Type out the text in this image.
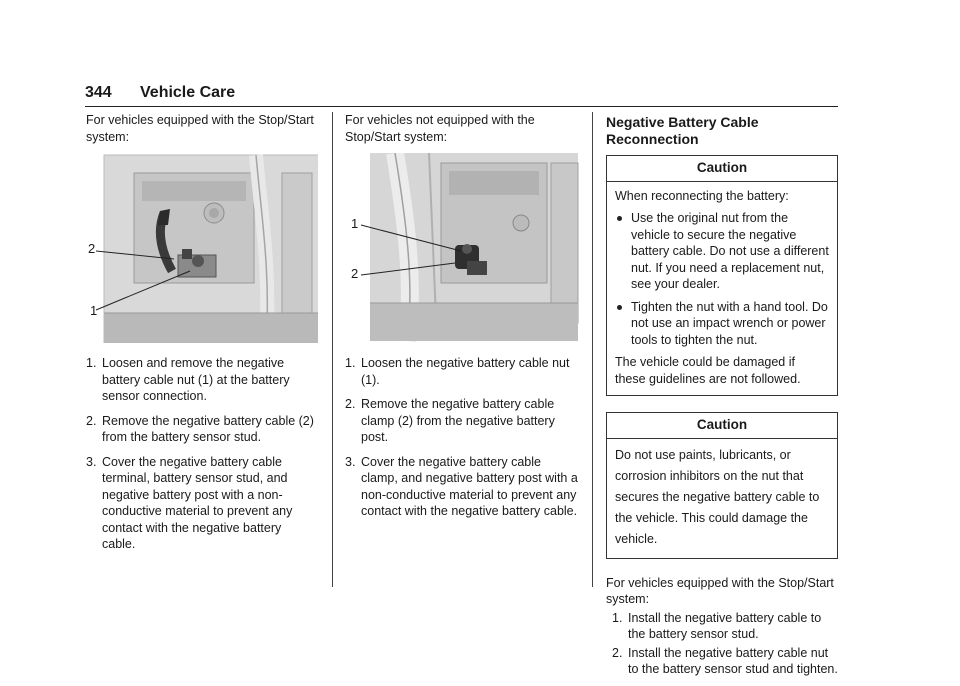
344 Vehicle Care

For vehicles equipped with the Stop/Start system:

2
1
1. Loosen and remove the negative battery cable nut (1) at the battery sensor connection.
2. Remove the negative battery cable (2) from the battery sensor stud.
3. Cover the negative battery cable terminal, battery sensor stud, and negative battery post with a non-conductive material to prevent any contact with the negative battery cable.

For vehicles not equipped with the Stop/Start system:

1
2
1. Loosen the negative battery cable nut (1).
2. Remove the negative battery cable clamp (2) from the negative battery post.
3. Cover the negative battery cable clamp, and negative battery post with a non-conductive material to prevent any contact with the negative battery cable.

Negative Battery Cable Reconnection

Caution

When reconnecting the battery:

Use the original nut from the vehicle to secure the negative battery cable. Do not use a different nut. If you need a replacement nut, see your dealer.
Tighten the nut with a hand tool. Do not use an impact wrench or power tools to tighten the nut.

The vehicle could be damaged if these guidelines are not followed.

Caution

Do not use paints, lubricants, or corrosion inhibitors on the nut that secures the negative battery cable to the vehicle. This could damage the vehicle.

For vehicles equipped with the Stop/Start system:

1. Install the negative battery cable to the battery sensor stud.
2. Install the negative battery cable nut to the battery sensor stud and tighten.
